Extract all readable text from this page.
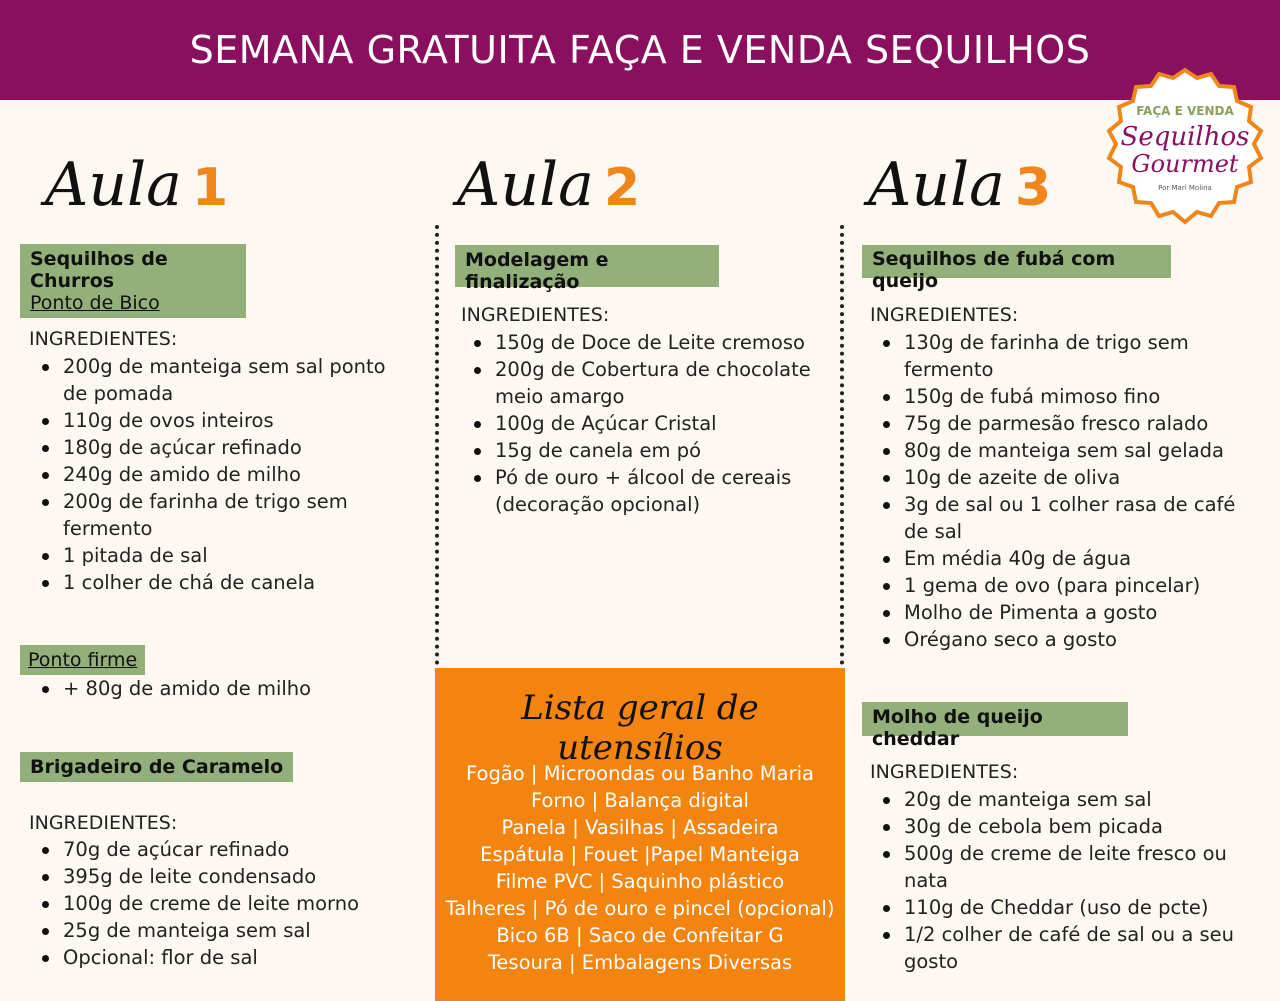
SEMANA GRATUITA FAÇA E VENDA SEQUILHOS
FAÇA E VENDA
Sequilhos
Gourmet
Por Mari Molina
Aula 1
Sequilhos de Churros
Ponto de Bico
INGREDIENTES:
200g de manteiga sem sal ponto de pomada
110g de ovos inteiros
180g de açúcar refinado
240g de amido de milho
200g de farinha de trigo sem fermento
1 pitada de sal
1 colher de chá de canela
Ponto firme
+ 80g de amido de milho
Brigadeiro de Caramelo
INGREDIENTES:
70g de açúcar refinado
395g de leite condensado
100g de creme de leite morno
25g de manteiga sem sal
Opcional: flor de sal
Aula 2
Modelagem e finalização
INGREDIENTES:
150g de Doce de Leite cremoso
200g de Cobertura de chocolate meio amargo
100g de Açúcar Cristal
15g de canela em pó
Pó de ouro + álcool de cereais (decoração opcional)
Lista geral de utensílios
Fogão | Microondas ou Banho Maria
Forno | Balança digital
Panela | Vasilhas | Assadeira
Espátula | Fouet |Papel Manteiga
Filme PVC | Saquinho plástico
Talheres | Pó de ouro e pincel (opcional)
Bico 6B | Saco de Confeitar G
Tesoura | Embalagens Diversas
Aula 3
Sequilhos de fubá com queijo
INGREDIENTES:
130g de farinha de trigo sem fermento
150g de fubá mimoso fino
75g de parmesão fresco ralado
80g de manteiga sem sal gelada
10g de azeite de oliva
3g de sal ou 1 colher rasa de café de sal
Em média 40g de água
1 gema de ovo (para pincelar)
Molho de Pimenta a gosto
Orégano seco a gosto
Molho de queijo cheddar
INGREDIENTES:
20g de manteiga sem sal
30g de cebola bem picada
500g de creme de leite fresco ou nata
110g de Cheddar (uso de pcte)
1/2 colher de café de sal ou a seu gosto
